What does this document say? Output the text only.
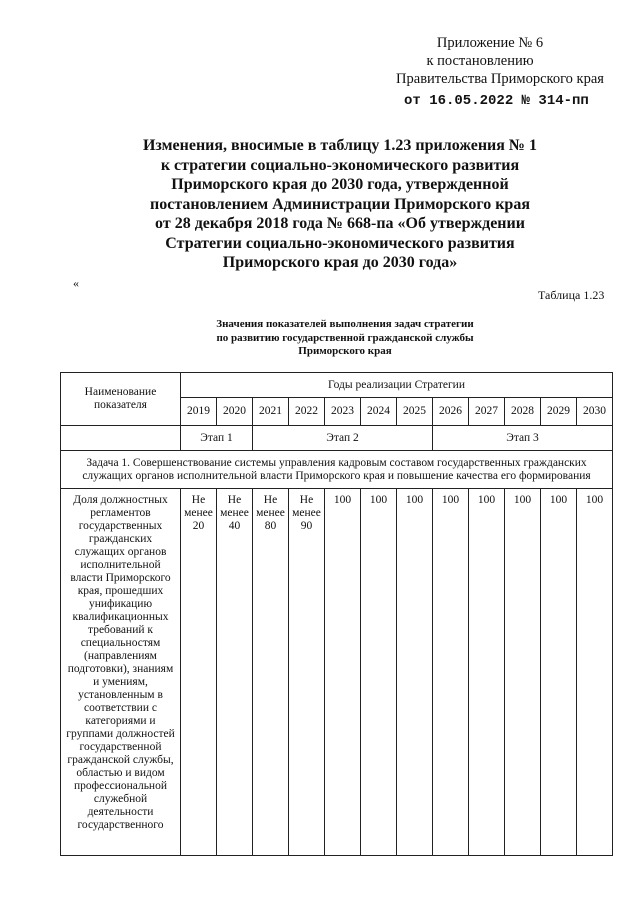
Приложение № 6
к постановлению
Правительства Приморского края
от 16.05.2022 № 314-пп
Изменения, вносимые в таблицу 1.23 приложения № 1
к стратегии социально-экономического развития
Приморского края до 2030 года, утвержденной
постановлением Администрации Приморского края
от 28 декабря 2018 года № 668-па «Об утверждении
Стратегии социально-экономического развития
Приморского края до 2030 года»
«
Таблица 1.23
Значения показателей выполнения задач стратегии
по развитию государственной гражданской службы
Приморского края
Наименование показателя	Годы реализации Стратегии											
	2019	2020	2021	2022	2023	2024	2025	2026	2027	2028	2029	2030
	Этап 1		Этап 2					Этап 3				
Задача 1. Совершенствование системы управления кадровым составом государственных гражданских служащих органов исполнительной власти Приморского края и повышение качества его формирования												
Доля должностных регламентов государственных гражданских служащих органов исполнительной власти Приморского края, прошедших унификацию квалификационных требований к специальностям (направлениям подготовки), знаниям и умениям, установленным в соответствии с категориями и группами должностей государственной гражданской службы, областью и видом профессиональной служебной деятельности государственного	Не менее 20	Не менее 40	Не менее 80	Не менее 90	100	100	100	100	100	100	100	100
